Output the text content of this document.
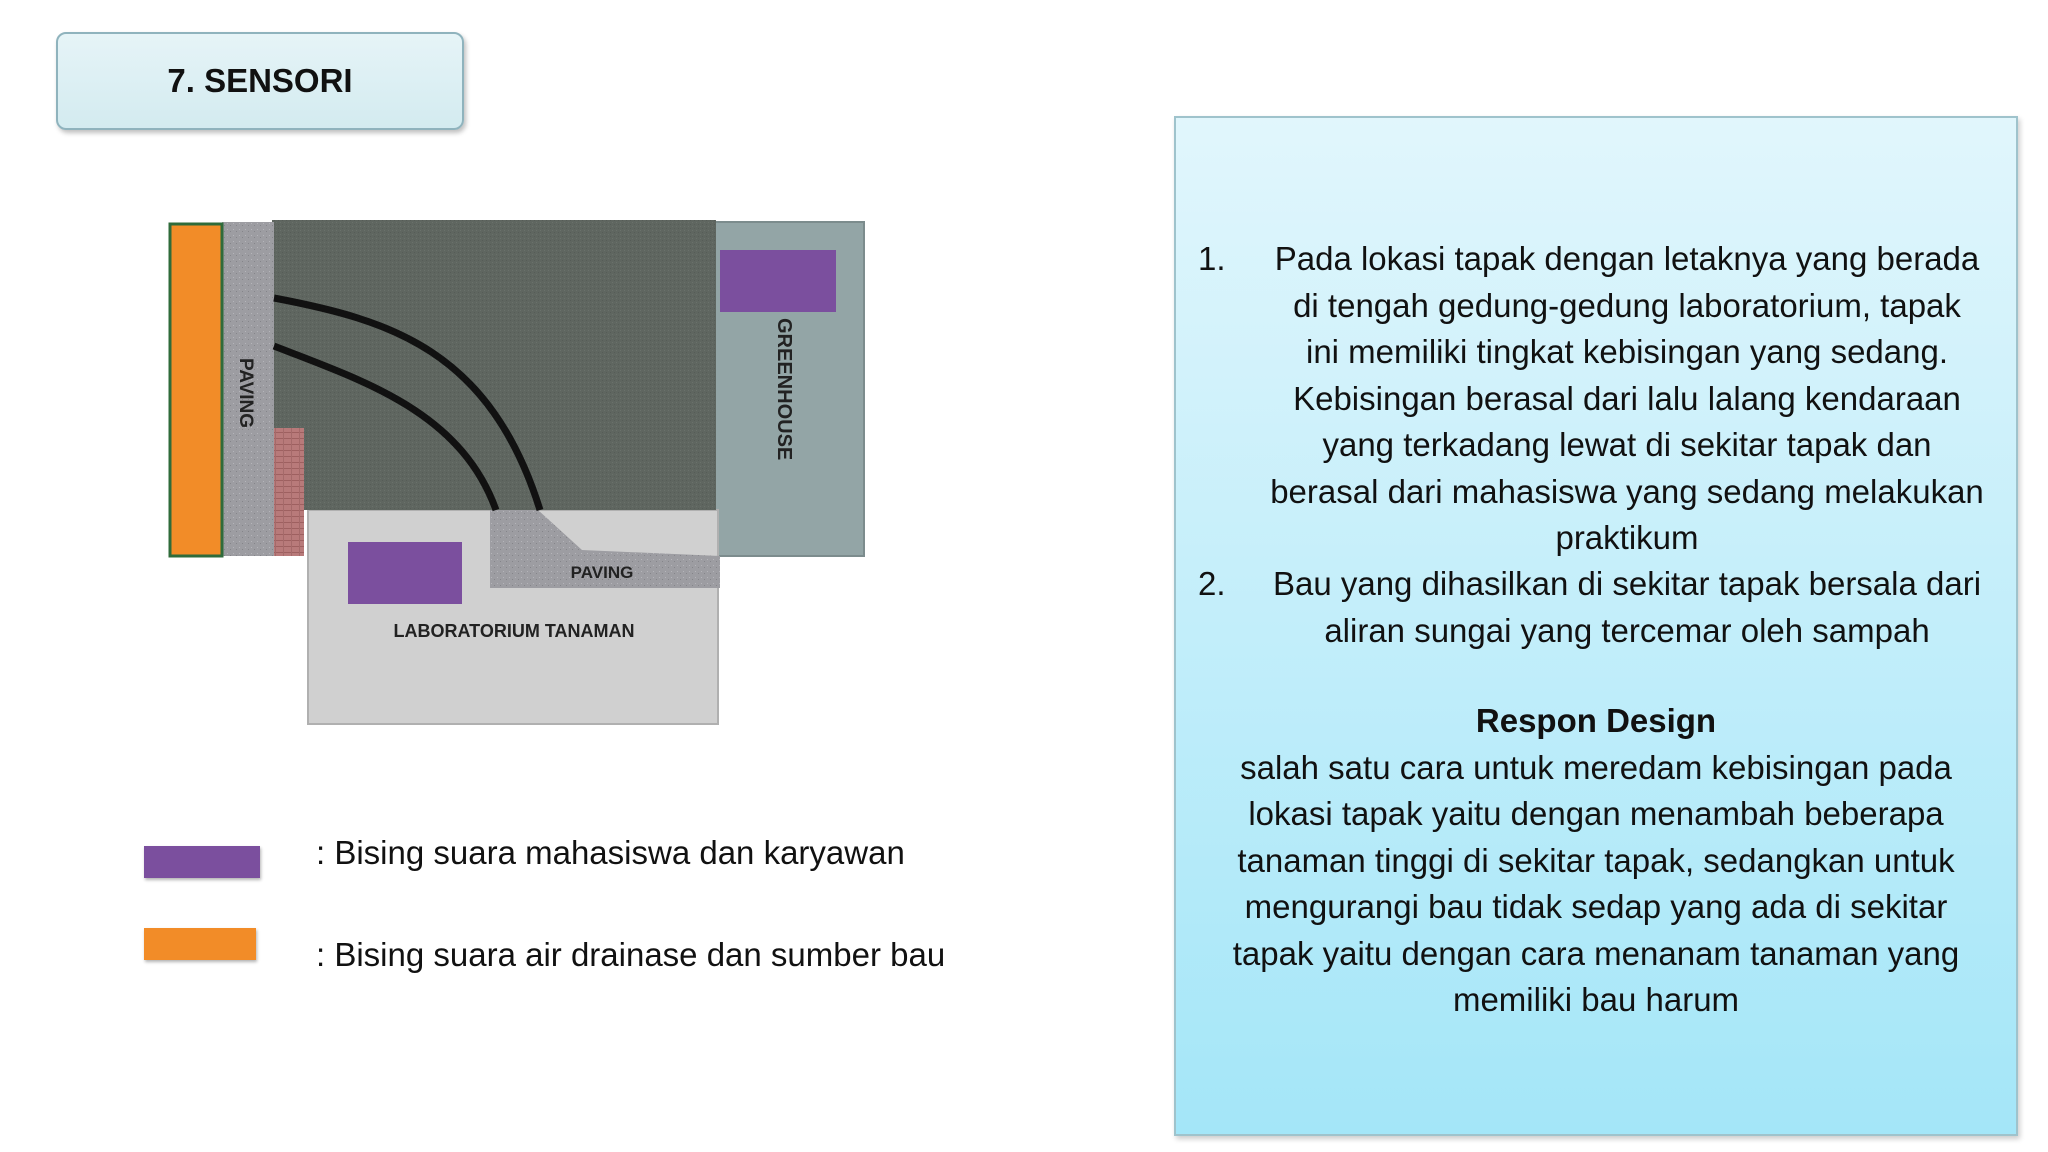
7. SENSORI
PAVING	GREENHOUSE
PAVING
LABORATORIUM TANAMAN
: Bising suara mahasiswa dan karyawan
: Bising suara air drainase dan sumber bau
1.	Pada lokasi tapak dengan letaknya yang berada
di tengah gedung-gedung laboratorium, tapak
ini memiliki tingkat kebisingan yang sedang.
Kebisingan berasal dari lalu lalang kendaraan
yang terkadang lewat di sekitar tapak dan
berasal dari mahasiswa yang sedang melakukan
praktikum
2.	Bau yang dihasilkan di sekitar tapak bersala dari
aliran sungai yang tercemar oleh sampah
Respon Design
salah satu cara untuk meredam kebisingan pada
lokasi tapak yaitu dengan menambah beberapa
tanaman tinggi di sekitar tapak, sedangkan untuk
mengurangi bau tidak sedap yang ada di sekitar
tapak yaitu dengan cara menanam tanaman yang
memiliki bau harum
